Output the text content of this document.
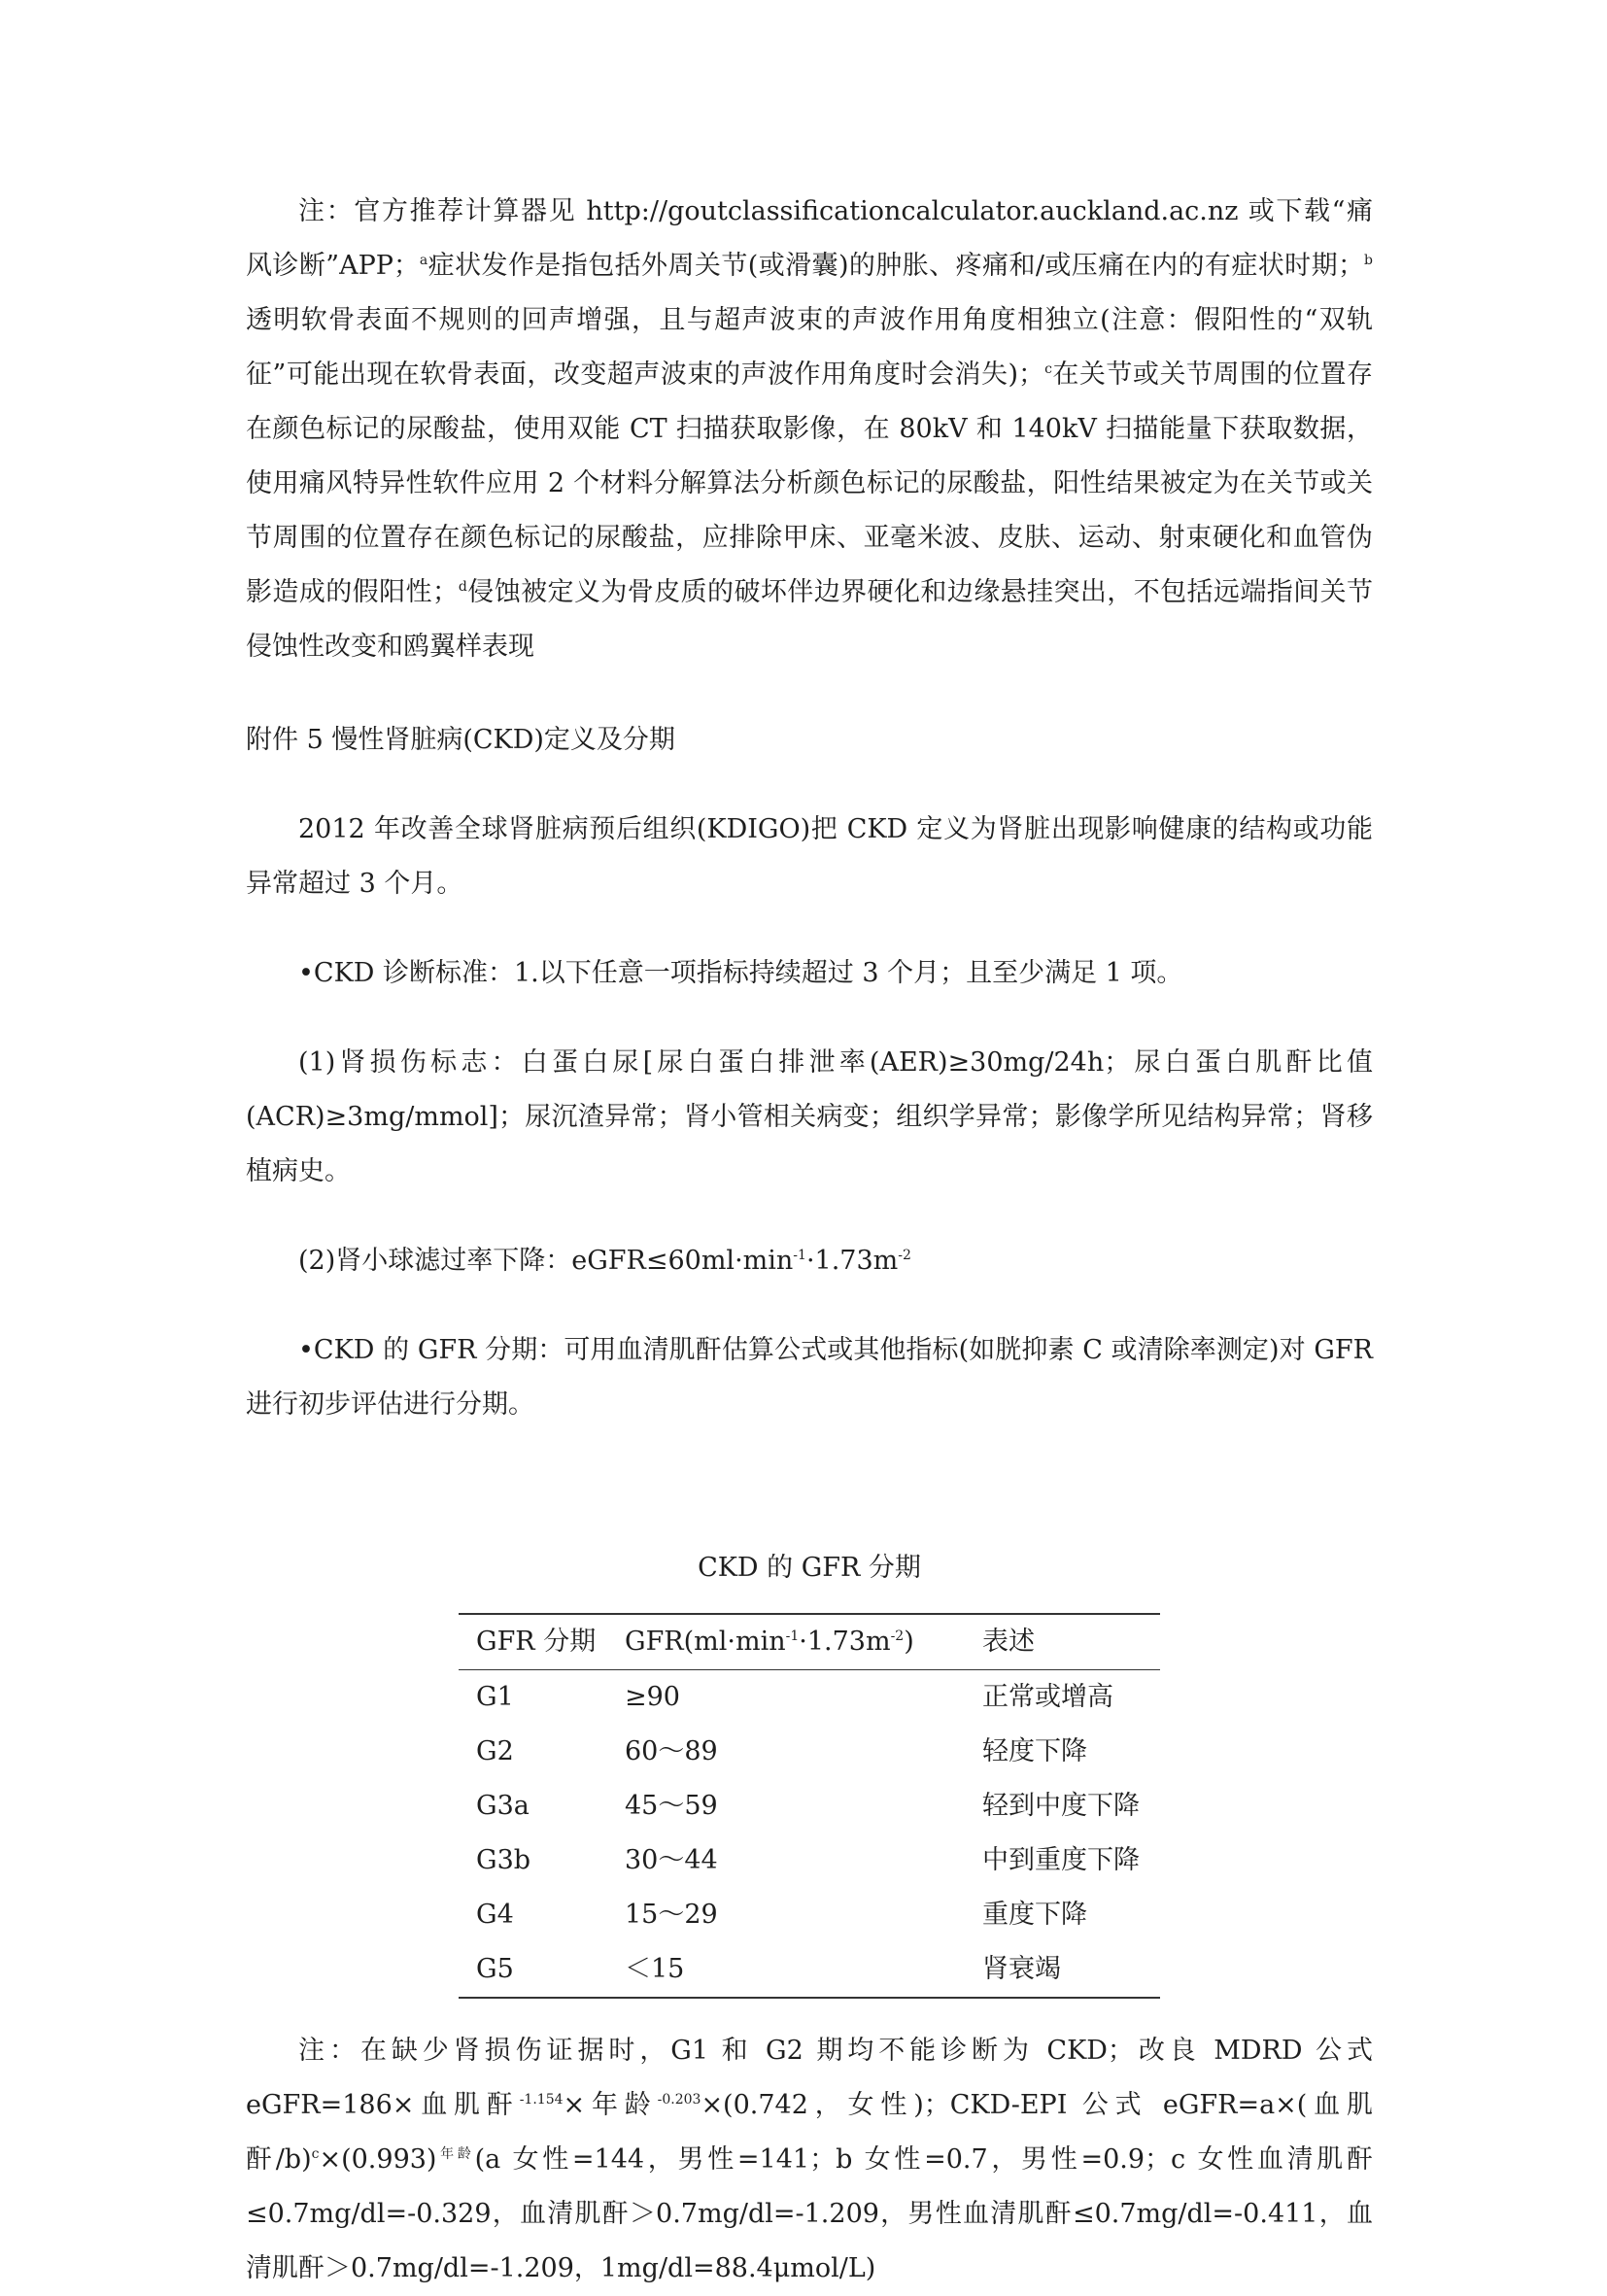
注：官方推荐计算器见 http://goutclassificationcalculator.auckland.ac.nz 或下载“痛风诊断”APP；$^a$症状发作是指包括外周关节(或滑囊)的肿胀、疼痛和/或压痛在内的有症状时期；$^b$透明软骨表面不规则的回声增强，且与超声波束的声波作用角度相独立(注意：假阳性的“双轨征”可能出现在软骨表面，改变超声波束的声波作用角度时会消失)；$^c$在关节或关节周围的位置存在颜色标记的尿酸盐，使用双能 CT 扫描获取影像，在 80kV 和 140kV 扫描能量下获取数据，使用痛风特异性软件应用 2 个材料分解算法分析颜色标记的尿酸盐，阳性结果被定为在关节或关节周围的位置存在颜色标记的尿酸盐，应排除甲床、亚毫米波、皮肤、运动、射束硬化和血管伪影造成的假阳性；$^d$侵蚀被定义为骨皮质的破坏伴边界硬化和边缘悬挂突出，不包括远端指间关节侵蚀性改变和鸥翼样表现

附件 5 慢性肾脏病(CKD)定义及分期

2012 年改善全球肾脏病预后组织(KDIGO)把 CKD 定义为肾脏出现影响健康的结构或功能异常超过 3 个月。

•CKD 诊断标准：1.以下任意一项指标持续超过 3 个月；且至少满足 1 项。

(1)肾损伤标志：白蛋白尿[尿白蛋白排泄率(AER)≥30mg/24h；尿白蛋白肌酐比值(ACR)≥3mg/mmol]；尿沉渣异常；肾小管相关病变；组织学异常；影像学所见结构异常；肾移植病史。

(2)肾小球滤过率下降：$eGFR\le 60ml\cdot\min^{-1}\cdot 1.73m^{-2}$

•CKD 的 GFR 分期：可用血清肌酐估算公式或其他指标(如胱抑素 C 或清除率测定)对 GFR 进行初步评估进行分期。

CKD 的 GFR 分期

GFR 分期	$GFR(ml\cdot\min^{-1}\cdot 1.73m^{-2})$	表述
G1	≥90	正常或增高
G2	60～89	轻度下降
G3a	45～59	轻到中度下降
G3b	30～44	中到重度下降
G4	15～29	重度下降
G5	＜15	肾衰竭

注：在缺少肾损伤证据时，G1 和 G2 期均不能诊断为 CKD；改良 MDRD 公式 eGFR=186×血肌酐$^{-1.154}$×年龄$^{-0.203}$×(0.742，女性)；CKD-EPI 公式 eGFR=a×(血肌酐$/b)^c\times(0.993)^{年龄}(a$ 女性=144，男性=141；b 女性=0.7，男性=0.9；c 女性血清肌酐≤0.7mg/dl=-0.329，血清肌酐＞0.7mg/dl=-1.209，男性血清肌酐≤0.7mg/dl=-0.411，血清肌酐＞0.7mg/dl=-1.209，1mg/dl=88.4μmol/L)
